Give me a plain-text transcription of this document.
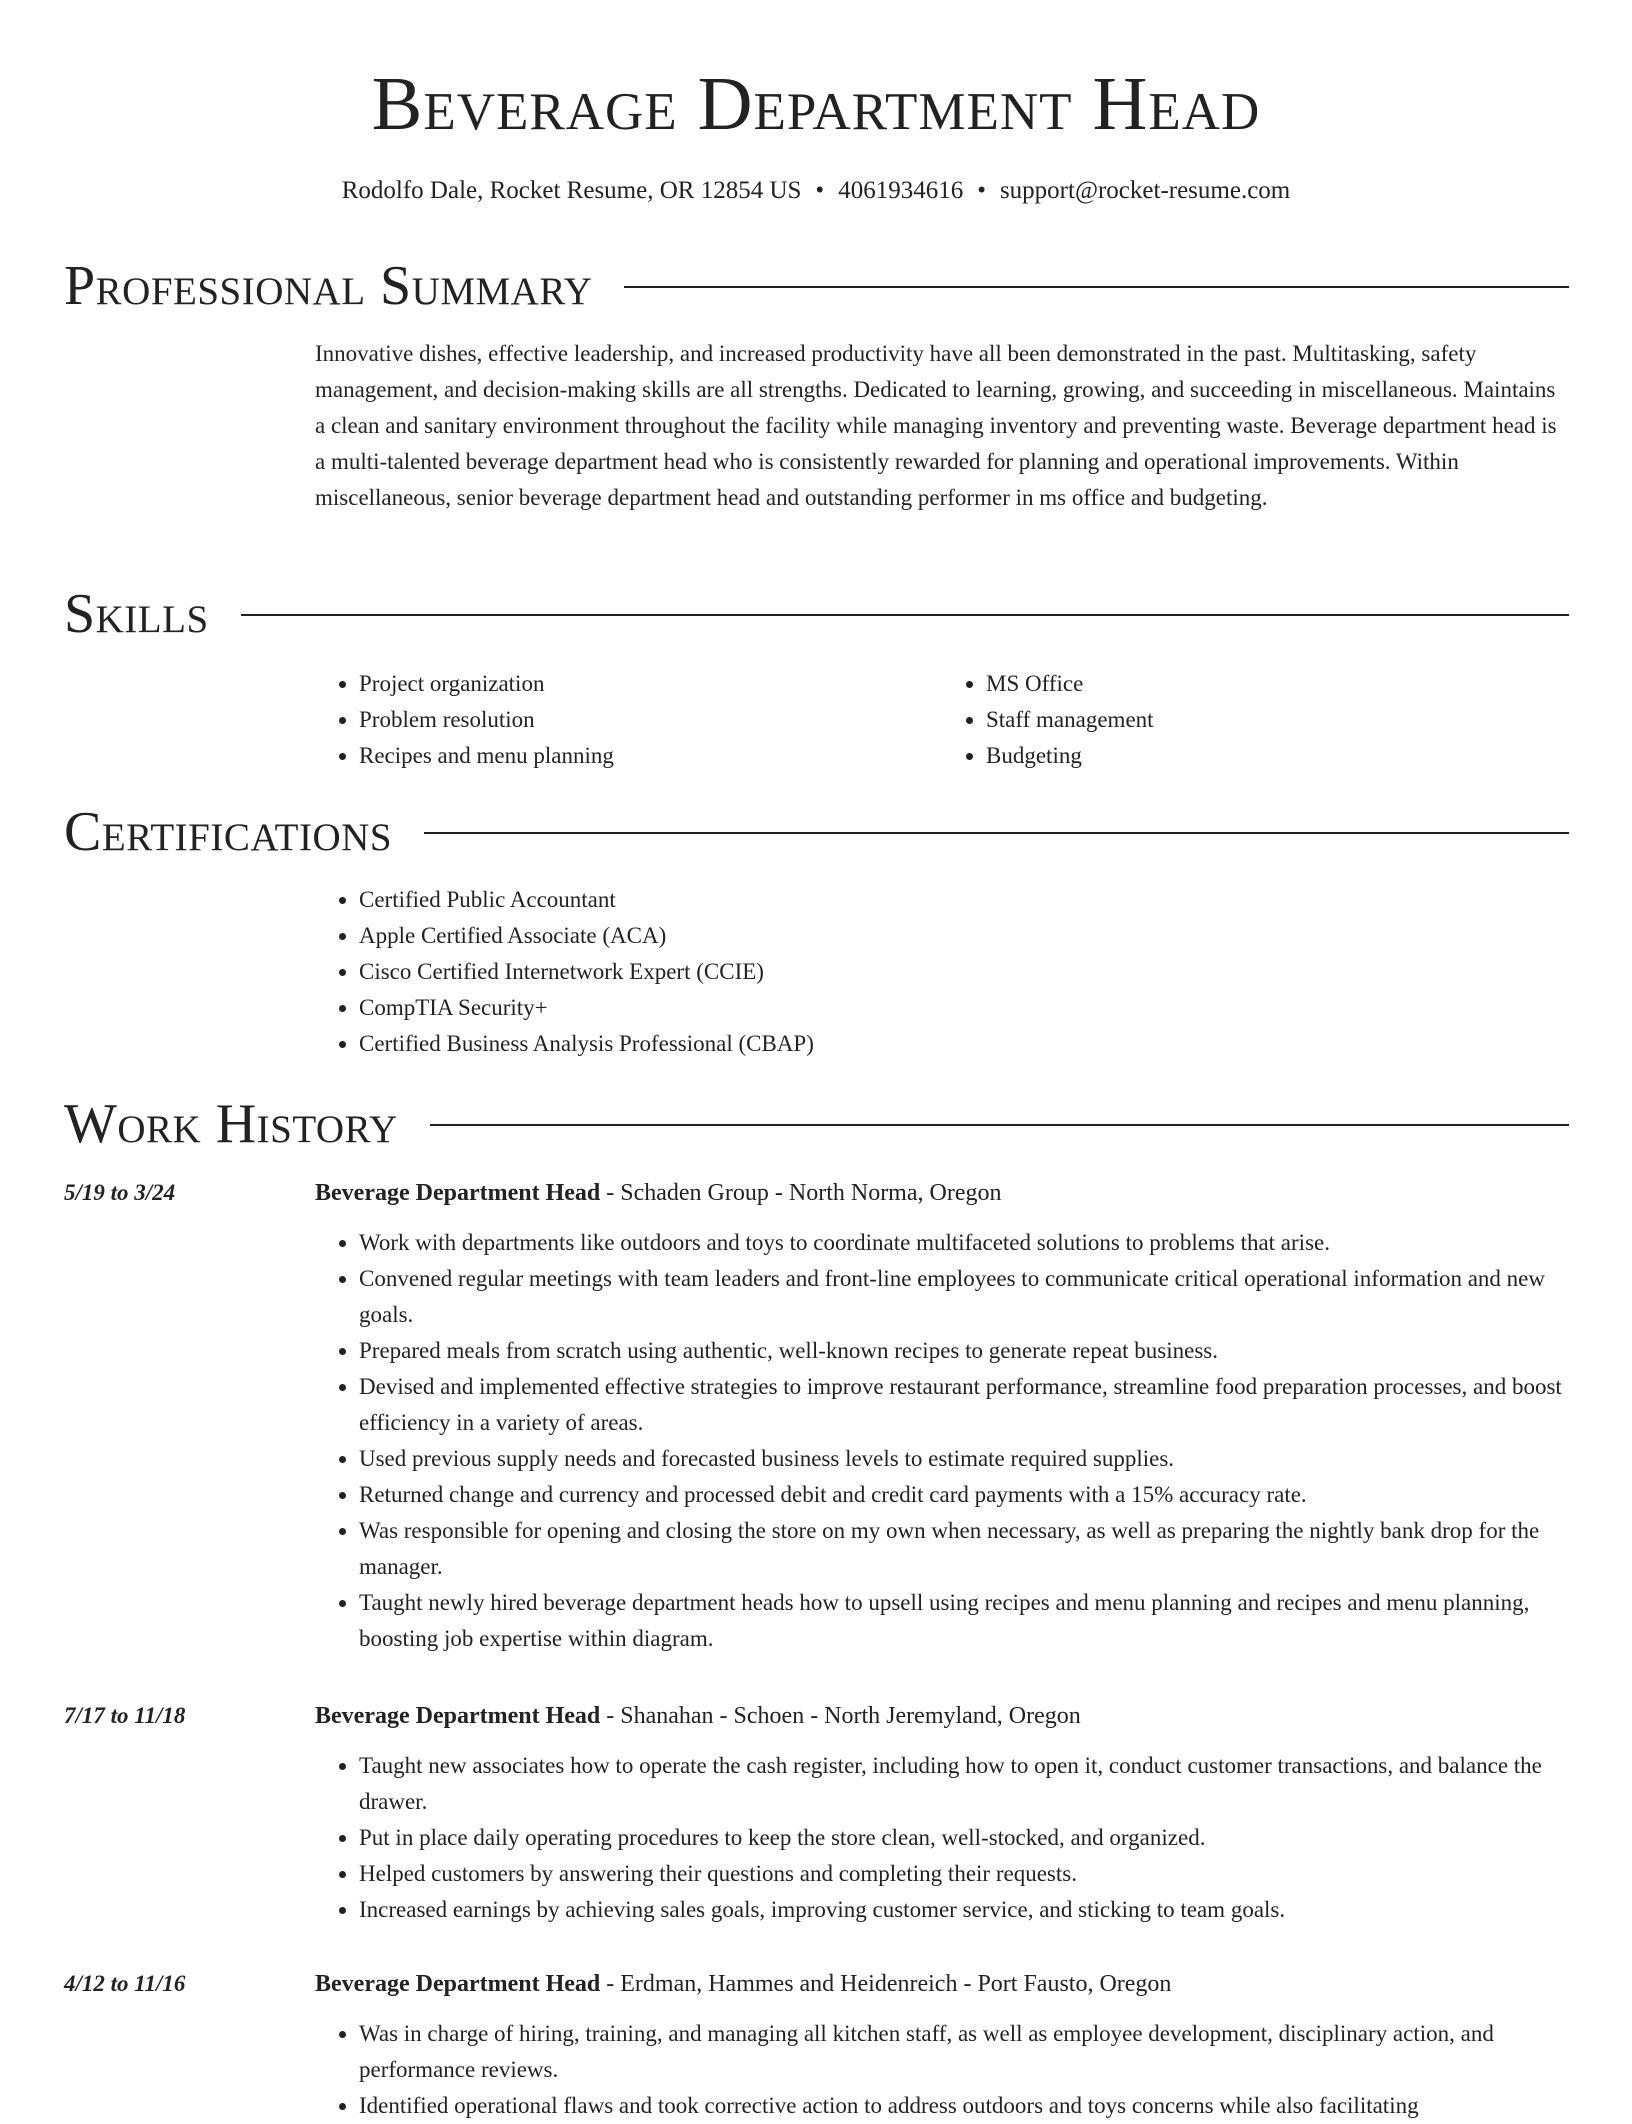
Beverage Department Head
Rodolfo Dale, Rocket Resume, OR 12854 US • 4061934616 • support@rocket-resume.com
Professional Summary

Innovative dishes, effective leadership, and increased productivity have all been demonstrated in the past. Multitasking, safety management, and decision-making skills are all strengths. Dedicated to learning, growing, and succeeding in miscellaneous. Maintains a clean and sanitary environment throughout the facility while managing inventory and preventing waste. Beverage department head is a multi-talented beverage department head who is consistently rewarded for planning and operational improvements. Within miscellaneous, senior beverage department head and outstanding performer in ms office and budgeting.

Skills
• Project organization
• Problem resolution
• Recipes and menu planning
• MS Office
• Staff management
• Budgeting
Certifications
• Certified Public Accountant
• Apple Certified Associate (ACA)
• Cisco Certified Internetwork Expert (CCIE)
• CompTIA Security+
• Certified Business Analysis Professional (CBAP)
Work History
5/19 to 3/24	Beverage Department Head - Schaden Group - North Norma, Oregon
• Work with departments like outdoors and toys to coordinate multifaceted solutions to problems that arise.
• Convened regular meetings with team leaders and front-line employees to communicate critical operational information and new goals.
• Prepared meals from scratch using authentic, well-known recipes to generate repeat business.
• Devised and implemented effective strategies to improve restaurant performance, streamline food preparation processes, and boost efficiency in a variety of areas.
• Used previous supply needs and forecasted business levels to estimate required supplies.
• Returned change and currency and processed debit and credit card payments with a 15% accuracy rate.
• Was responsible for opening and closing the store on my own when necessary, as well as preparing the nightly bank drop for the manager.
• Taught newly hired beverage department heads how to upsell using recipes and menu planning and recipes and menu planning, boosting job expertise within diagram.
7/17 to 11/18	Beverage Department Head - Shanahan - Schoen - North Jeremyland, Oregon
• Taught new associates how to operate the cash register, including how to open it, conduct customer transactions, and balance the drawer.
• Put in place daily operating procedures to keep the store clean, well-stocked, and organized.
• Helped customers by answering their questions and completing their requests.
• Increased earnings by achieving sales goals, improving customer service, and sticking to team goals.
4/12 to 11/16	Beverage Department Head - Erdman, Hammes and Heidenreich - Port Fausto, Oregon
• Was in charge of hiring, training, and managing all kitchen staff, as well as employee development, disciplinary action, and performance reviews.
• Identified operational flaws and took corrective action to address outdoors and toys concerns while also facilitating
